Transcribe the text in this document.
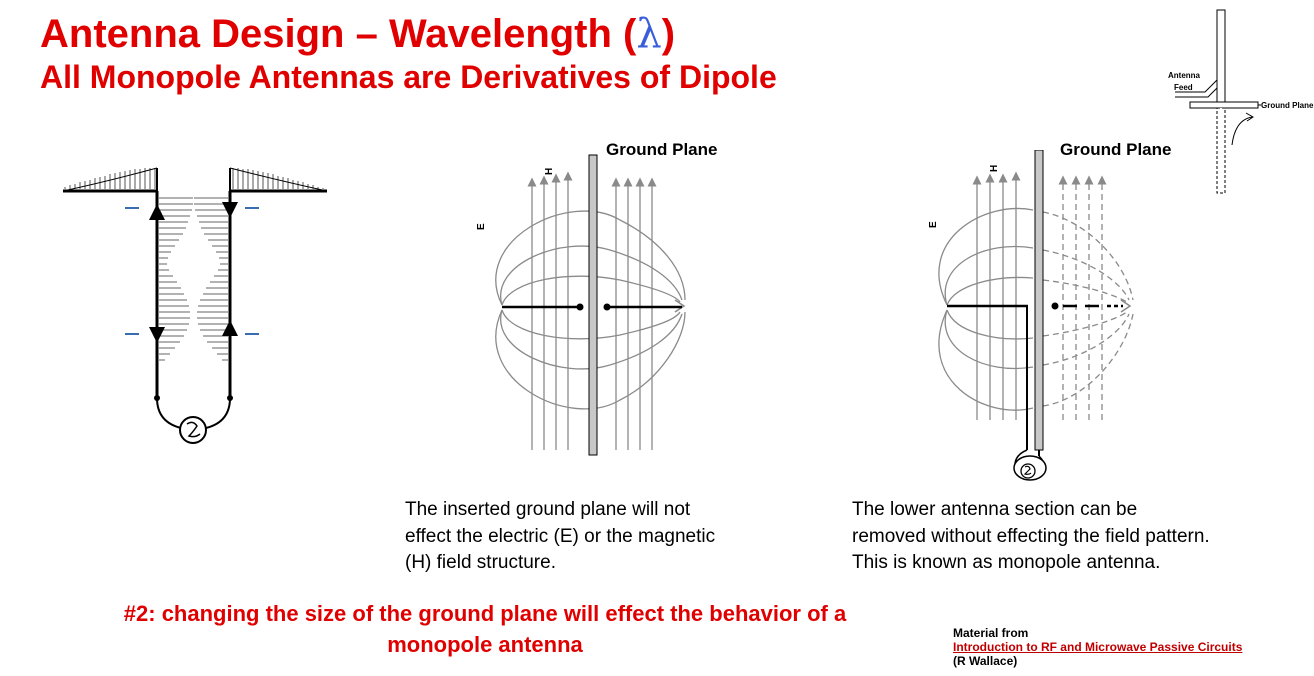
Antenna Design – Wavelength (λ)
All Monopole Antennas are Derivatives of Dipole
Ground Plane
E
H
Ground Plane
E
H
Antenna
Feed
Ground Plane
The inserted ground plane will not
effect the electric (E) or the magnetic
(H) field structure.
The lower antenna section can be
removed without effecting the field pattern.
This is known as monopole antenna.
#2: changing the size of the ground plane will effect the behavior of a
monopole antenna	Material from
Introduction to RF and Microwave Passive Circuits
(R Wallace)
